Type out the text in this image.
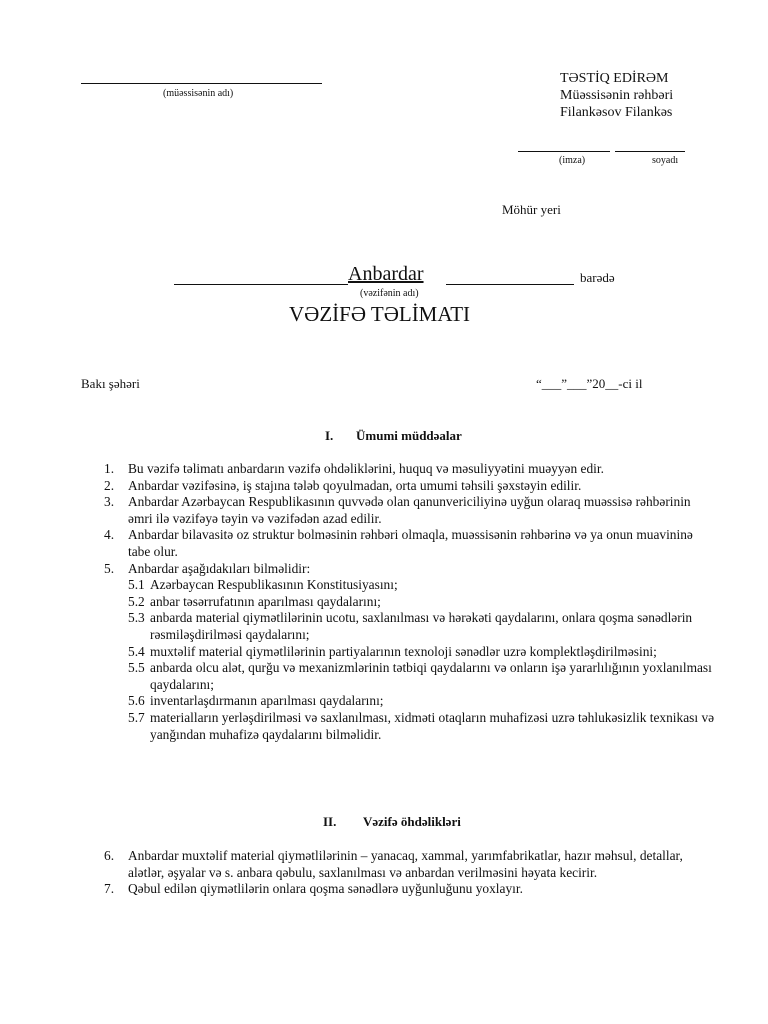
(müəssisənin adı)
TƏSTİQ EDİRƏM
Müəssisənin rəhbəri
Filankəsov Filankəs
(imza)	soyadı
Möhür yeri
Anbardar	barədə
(vəzifənin adı)
VƏZİFƏ TƏLİMATI
Bakı şəhəri	“___”___”20__-ci il
I. Ümumi müddəalar
1. Bu vəzifə təlimatı anbardarın vəzifə ohdəliklərini, huquq və məsuliyyətini muəyyən edir.
2. Anbardar vəzifəsinə, iş stajına tələb qoyulmadan, orta umumi təhsili şəxstəyin edilir.
3. Anbardar Azərbaycan Respublikasının quvvədə olan qanunvericiliyinə uyğun olaraq muəssisə rəhbərinin əmri ilə vəzifəyə təyin və vəzifədən azad edilir.
4. Anbardar bilavasitə oz struktur bolməsinin rəhbəri olmaqla, muəssisənin rəhbərinə və ya onun muavininə tabe olur.
5. Anbardar aşağıdakıları bilməlidir:
5.1 Azərbaycan Respublikasının Konstitusiyasını;
5.2 anbar təsərrufatının aparılması qaydalarını;
5.3 anbarda material qiymətlilərinin ucotu, saxlanılması və hərəkəti qaydalarını, onlara qoşma sənədlərin rəsmiləşdirilməsi qaydalarını;
5.4 muxtəlif material qiymətlilərinin partiyalarının texnoloji sənədlər uzrə komplektləşdirilməsini;
5.5 anbarda olcu alət, qurğu və mexanizmlərinin tətbiqi qaydalarını və onların işə yararlılığının yoxlanılması qaydalarını;
5.6 inventarlaşdırmanın aparılması qaydalarını;
5.7 materialların yerləşdirilməsi və saxlanılması, xidməti otaqların muhafizəsi uzrə təhlukəsizlik texnikası və yanğından muhafizə qaydalarını bilməlidir.
II. Vəzifə öhdəlikləri
6. Anbardar muxtəlif material qiymətlilərinin – yanacaq, xammal, yarımfabrikatlar, hazır məhsul, detallar, alətlər, əşyalar və s. anbara qəbulu, saxlanılması və anbardan verilməsini həyata kecirir.
7. Qəbul edilən qiymətlilərin onlara qoşma sənədlərə uyğunluğunu yoxlayır.
